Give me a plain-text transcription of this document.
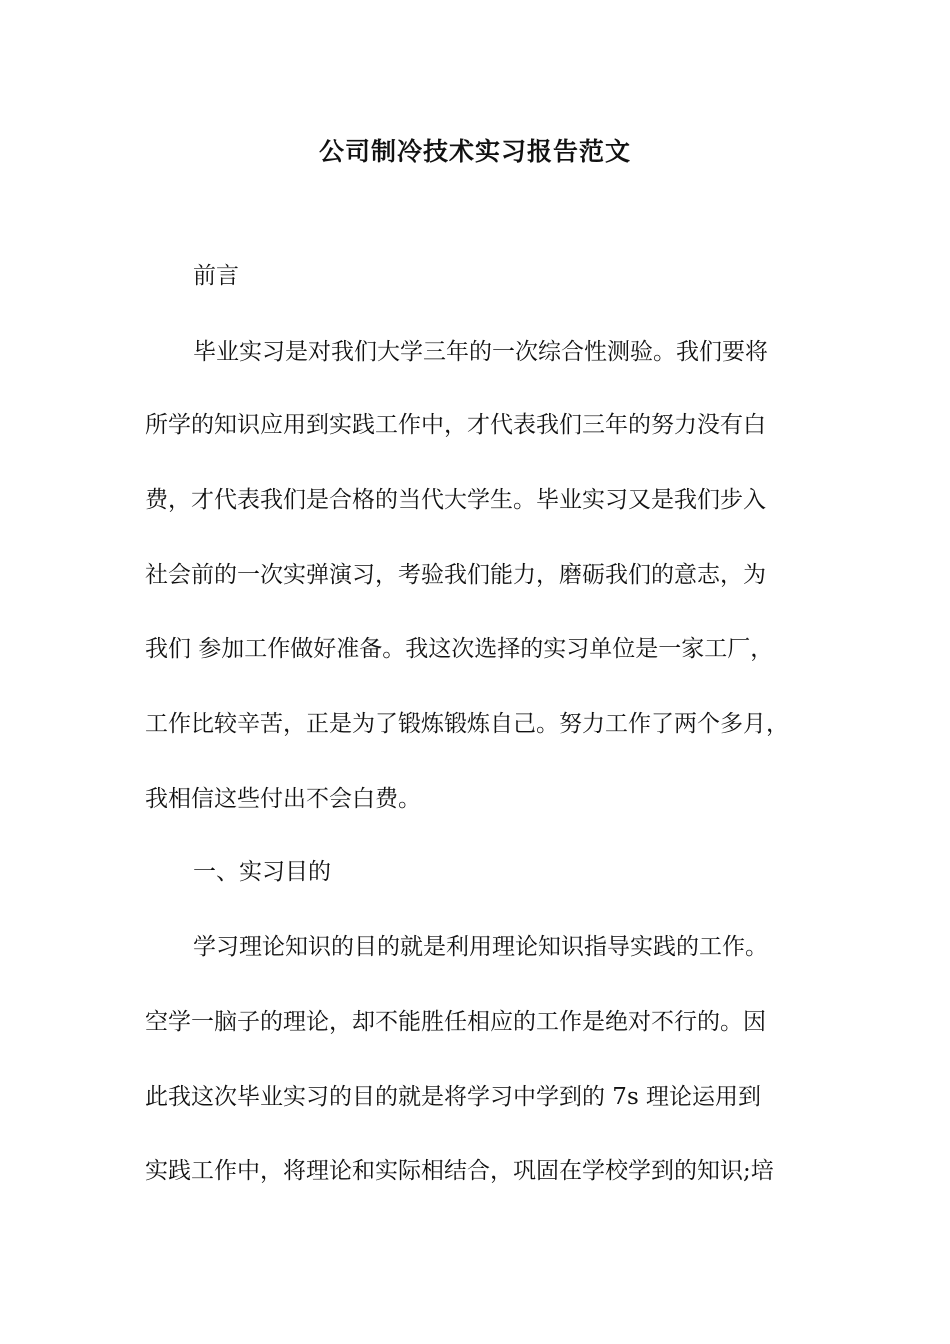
公司制冷技术实习报告范文
前言
毕业实习是对我们大学三年的一次综合性测验。我们要将
所学的知识应用到实践工作中，才代表我们三年的努力没有白
费，才代表我们是合格的当代大学生。毕业实习又是我们步入
社会前的一次实弹演习，考验我们能力，磨砺我们的意志，为
我们 参加工作做好准备。我这次选择的实习单位是一家工厂，
工作比较辛苦，正是为了锻炼锻炼自己。努力工作了两个多月，
我相信这些付出不会白费。
一、实习目的
学习理论知识的目的就是利用理论知识指导实践的工作。
空学一脑子的理论，却不能胜任相应的工作是绝对不行的。因
此我这次毕业实习的目的就是将学习中学到的 7s 理论运用到
实践工作中，将理论和实际相结合，巩固在学校学到的知识;培
